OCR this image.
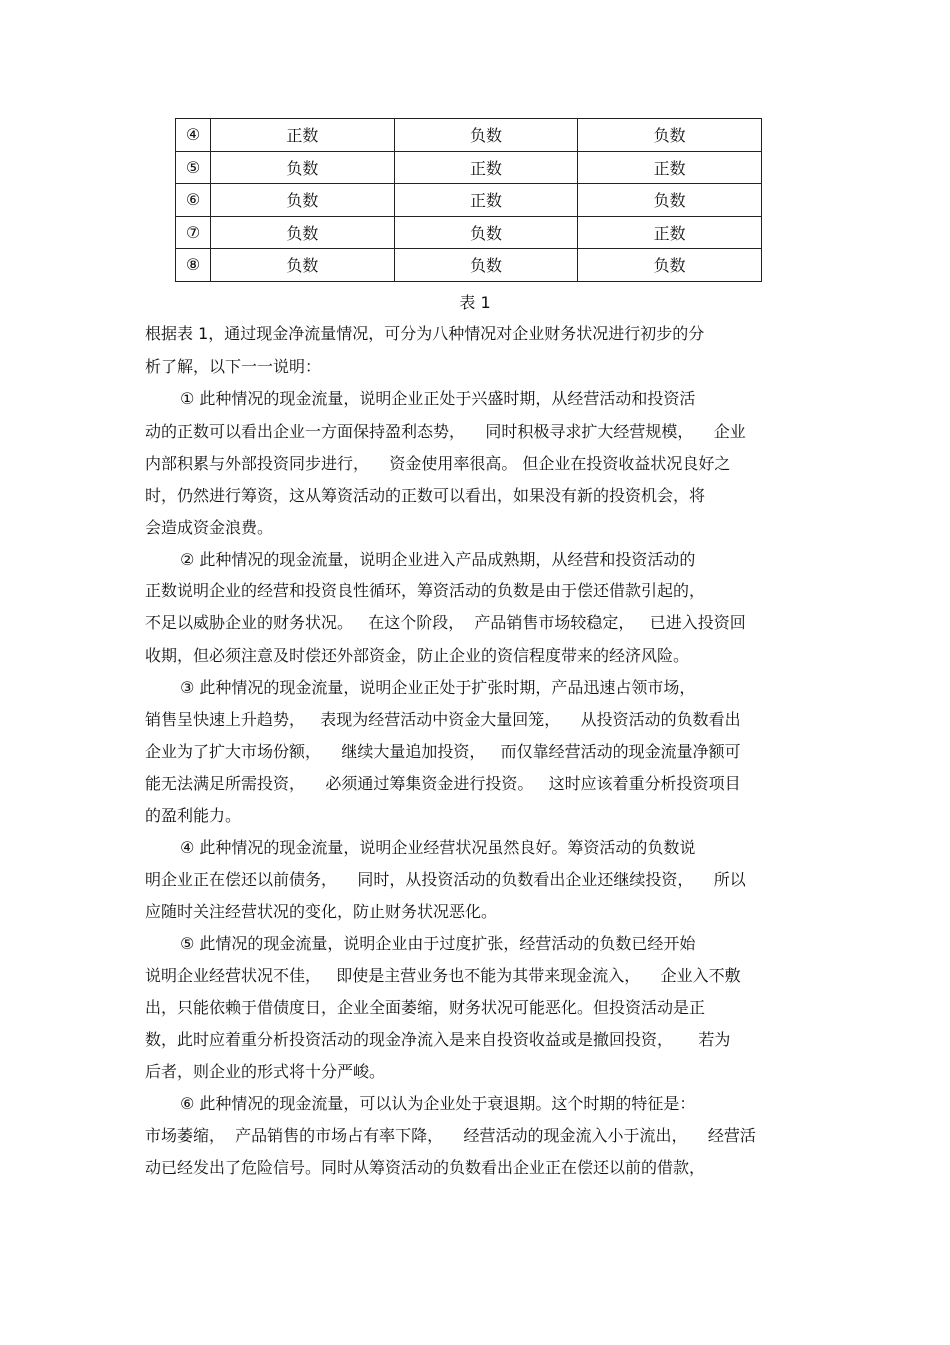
④	正数	负数	负数
⑤	负数	正数	正数
⑥	负数	正数	负数
⑦	负数	负数	正数
⑧	负数	负数	负数
表 1
根据表 1，通过现金净流量情况，可分为八种情况对企业财务状况进行初步的分
析了解，以下一一说明：
① 此种情况的现金流量，说明企业正处于兴盛时期，从经营活动和投资活
动的正数可以看出企业一方面保持盈利态势，    同时积极寻求扩大经营规模，    企业
内部积累与外部投资同步进行，    资金使用率很高。 但企业在投资收益状况良好之
时，仍然进行筹资，这从筹资活动的正数可以看出，如果没有新的投资机会，将
会造成资金浪费。
② 此种情况的现金流量，说明企业进入产品成熟期，从经营和投资活动的
正数说明企业的经营和投资良性循环，筹资活动的负数是由于偿还借款引起的，
不足以威胁企业的财务状况。   在这个阶段，  产品销售市场较稳定，   已进入投资回
收期，但必须注意及时偿还外部资金，防止企业的资信程度带来的经济风险。
③ 此种情况的现金流量，说明企业正处于扩张时期，产品迅速占领市场，
销售呈快速上升趋势，   表现为经营活动中资金大量回笼，    从投资活动的负数看出
企业为了扩大市场份额，    继续大量追加投资，   而仅靠经营活动的现金流量净额可
能无法满足所需投资，    必须通过筹集资金进行投资。   这时应该着重分析投资项目
的盈利能力。
④ 此种情况的现金流量，说明企业经营状况虽然良好。筹资活动的负数说
明企业正在偿还以前债务，    同时，从投资活动的负数看出企业还继续投资，    所以
应随时关注经营状况的变化，防止财务状况恶化。
⑤ 此情况的现金流量，说明企业由于过度扩张，经营活动的负数已经开始
说明企业经营状况不佳，   即使是主营业务也不能为其带来现金流入，    企业入不敷
出，只能依赖于借债度日，企业全面萎缩，财务状况可能恶化。但投资活动是正
数，此时应着重分析投资活动的现金净流入是来自投资收益或是撤回投资，     若为
后者，则企业的形式将十分严峻。
⑥ 此种情况的现金流量，可以认为企业处于衰退期。这个时期的特征是：
市场萎缩，  产品销售的市场占有率下降，    经营活动的现金流入小于流出，    经营活
动已经发出了危险信号。同时从筹资活动的负数看出企业正在偿还以前的借款，
